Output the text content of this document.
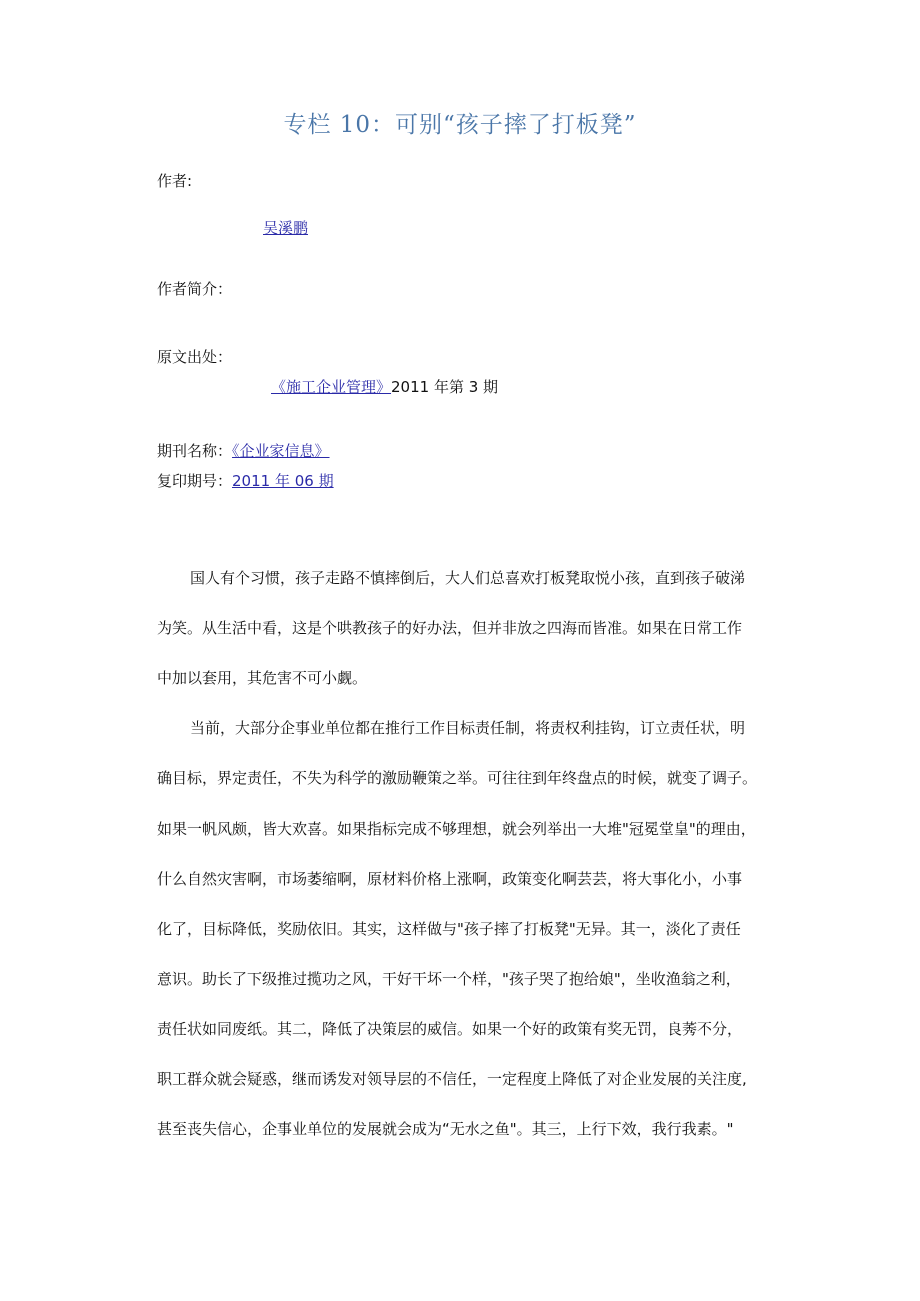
专栏 10：可别“孩子摔了打板凳”
作者:
吴溪鹏
作者简介：
原文出处：
《施工企业管理》2011 年第 3 期
期刊名称：《企业家信息》
复印期号：2011 年 06 期
国人有个习惯，孩子走路不慎摔倒后，大人们总喜欢打板凳取悦小孩，直到孩子破涕
为笑。从生活中看，这是个哄教孩子的好办法，但并非放之四海而皆准。如果在日常工作
中加以套用，其危害不可小觑。
当前，大部分企事业单位都在推行工作目标责任制，将责权利挂钩，订立责任状，明
确目标，界定责任，不失为科学的激励鞭策之举。可往往到年终盘点的时候，就变了调子。
如果一帆风颇，皆大欢喜。如果指标完成不够理想，就会列举出一大堆"冠冕堂皇"的理由，
什么自然灾害啊，市场萎缩啊，原材料价格上涨啊，政策变化啊芸芸，将大事化小，小事
化了，目标降低，奖励依旧。其实，这样做与"孩子摔了打板凳"无异。其一，淡化了责任
意识。助长了下级推过揽功之风，干好干坏一个样，"孩子哭了抱给娘"，坐收渔翁之利，
责任状如同废纸。其二，降低了决策层的威信。如果一个好的政策有奖无罚，良莠不分，
职工群众就会疑惑，继而诱发对领导层的不信任，一定程度上降低了对企业发展的关注度,
甚至丧失信心，企事业单位的发展就会成为“无水之鱼"。其三，上行下效，我行我素。"
